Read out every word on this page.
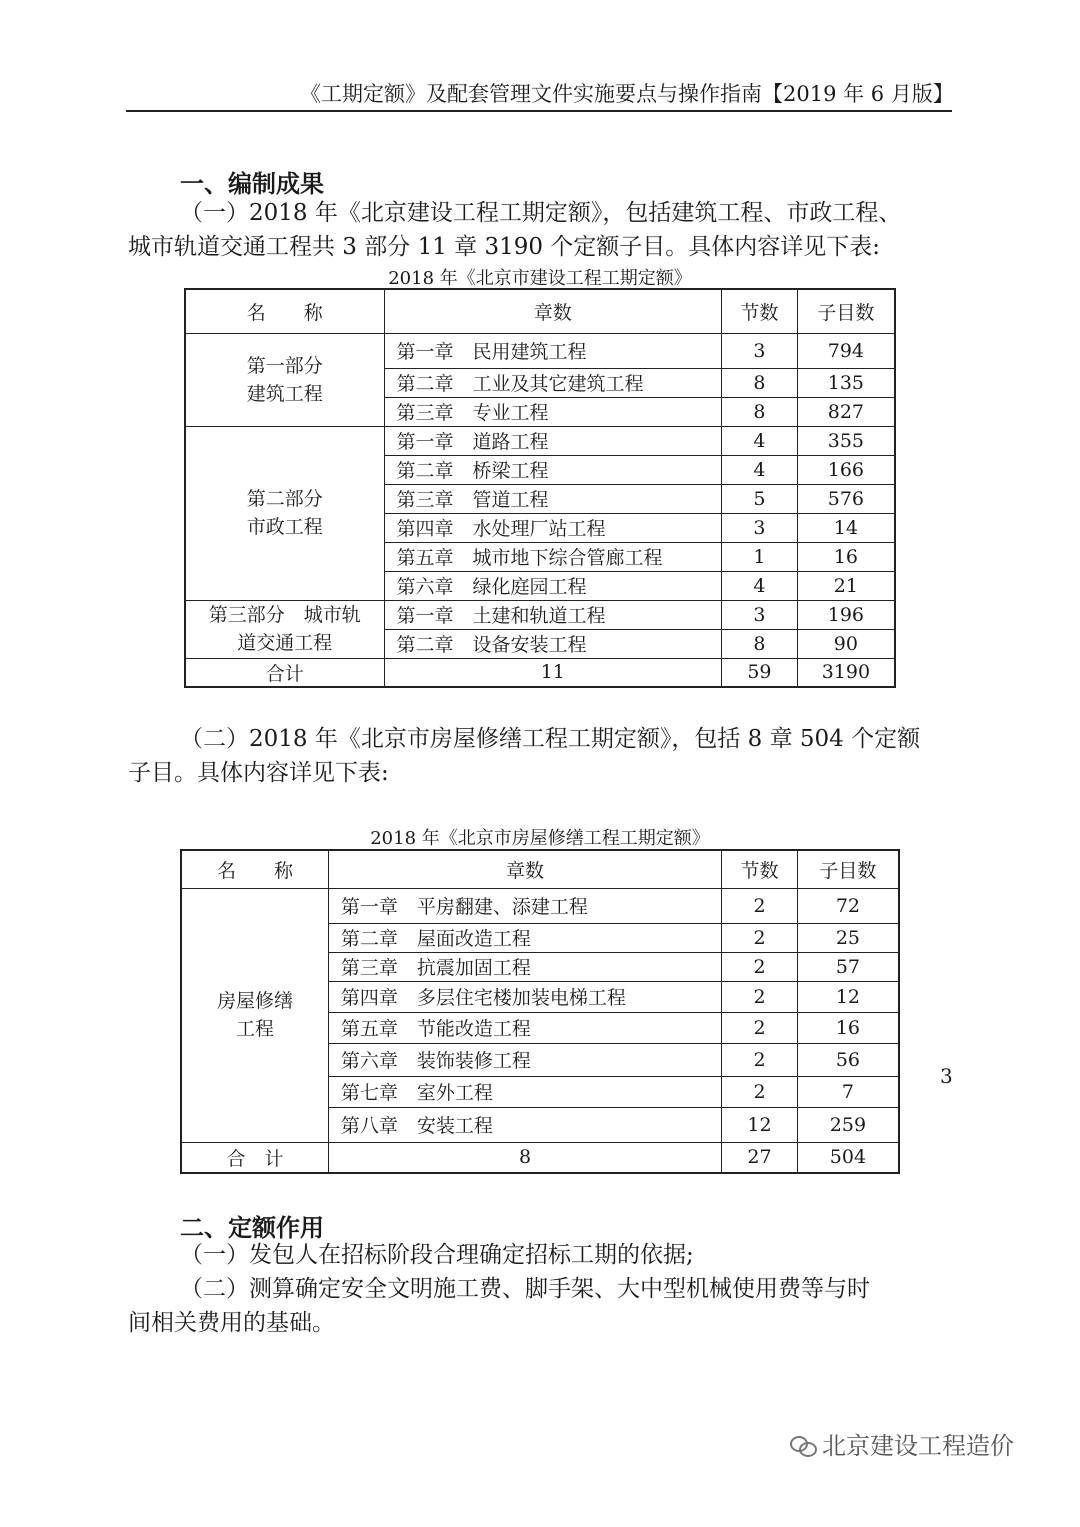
《工期定额》及配套管理文件实施要点与操作指南【2019 年 6 月版】
一、编制成果
（一）2018 年《北京建设工程工期定额》，包括建筑工程、市政工程、
城市轨道交通工程共 3 部分 11 章 3190 个定额子目。具体内容详见下表:
2018 年《北京市建设工程工期定额》
名　　称	章数	节数	子目数

第一部分
建筑工程	第一章　民用建筑工程	3	794
	第二章　工业及其它建筑工程	8	135
	第三章　专业工程	8	827

第二部分
市政工程	第一章　道路工程	4	355
	第二章　桥梁工程	4	166
	第三章　管道工程	5	576
	第四章　水处理厂站工程	3	14
	第五章　城市地下综合管廊工程	1	16
	第六章　绿化庭园工程	4	21

第三部分　城市轨
道交通工程	第一章　土建和轨道工程	3	196
	第二章　设备安装工程	8	90
合计	11	59	3190
（二）2018 年《北京市房屋修缮工程工期定额》，包括 8 章 504 个定额
子目。具体内容详见下表:
2018 年《北京市房屋修缮工程工期定额》
名　　称	章数	节数	子目数

房屋修缮
工程	第一章　平房翻建、添建工程	2	72
	第二章　屋面改造工程	2	25
	第三章　抗震加固工程	2	57
	第四章　多层住宅楼加装电梯工程	2	12
	第五章　节能改造工程	2	16
	第六章　装饰装修工程	2	56
	第七章　室外工程	2	7
	第八章　安装工程	12	259
合　计	8	27	504
二、定额作用
（一）发包人在招标阶段合理确定招标工期的依据;
（二）测算确定安全文明施工费、脚手架、大中型机械使用费等与时
间相关费用的基础。
3
北京建设工程造价
